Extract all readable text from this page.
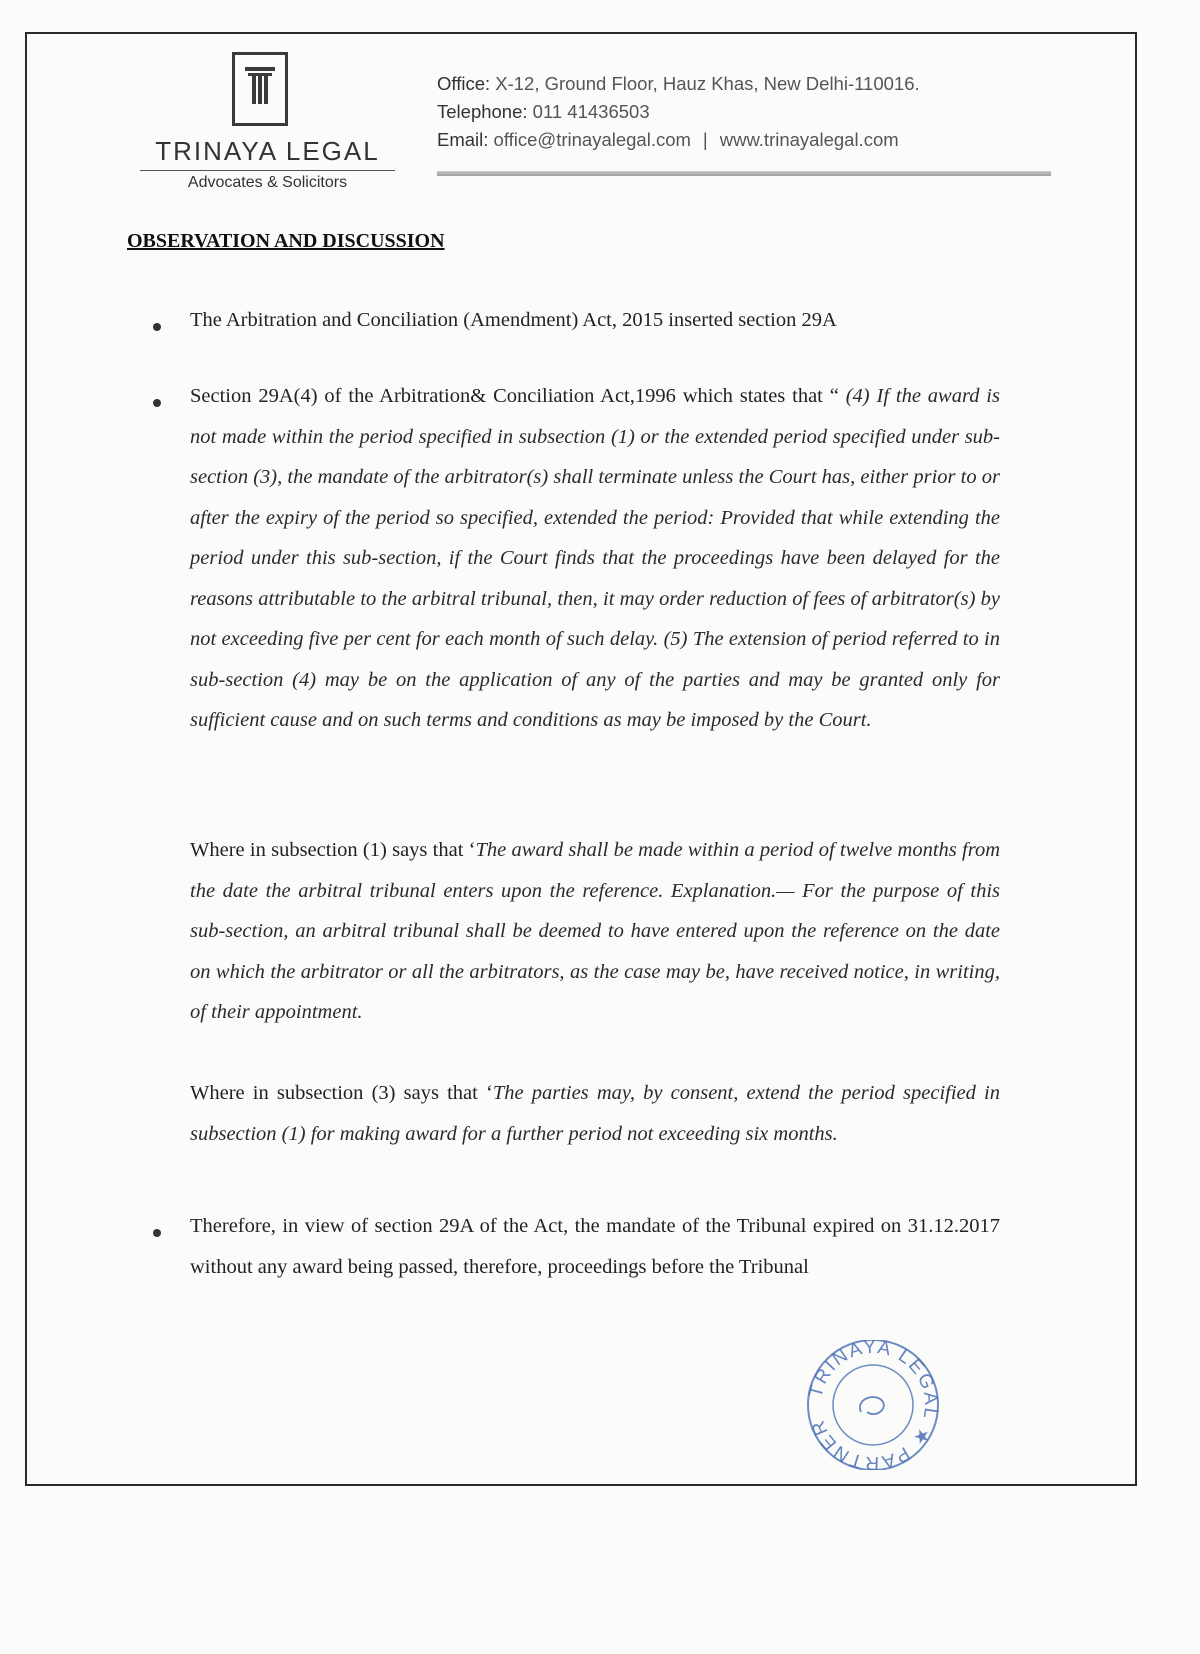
TRINAYA LEGAL
Advocates & Solicitors
Office: X-12, Ground Floor, Hauz Khas, New Delhi-110016.
Telephone: 011 41436503
Email: office@trinayalegal.com | www.trinayalegal.com
OBSERVATION AND DISCUSSION
The Arbitration and Conciliation (Amendment) Act, 2015 inserted section 29A
Section 29A(4) of the Arbitration& Conciliation Act,1996 which states that “ (4) If the award is not made within the period specified in subsection (1) or the extended period specified under sub-section (3), the mandate of the arbitrator(s) shall terminate unless the Court has, either prior to or after the expiry of the period so specified, extended the period: Provided that while extending the period under this sub-section, if the Court finds that the proceedings have been delayed for the reasons attributable to the arbitral tribunal, then, it may order reduction of fees of arbitrator(s) by not exceeding five per cent for each month of such delay. (5) The extension of period referred to in sub-section (4) may be on the application of any of the parties and may be granted only for sufficient cause and on such terms and conditions as may be imposed by the Court.
Where in subsection (1) says that ‘The award shall be made within a period of twelve months from the date the arbitral tribunal enters upon the reference. Explanation.— For the purpose of this sub-section, an arbitral tribunal shall be deemed to have entered upon the reference on the date on which the arbitrator or all the arbitrators, as the case may be, have received notice, in writing, of their appointment.
Where in subsection (3) says that ‘The parties may, by consent, extend the period specified in subsection (1) for making award for a further period not exceeding six months.
Therefore, in view of section 29A of the Act, the mandate of the Tribunal expired on 31.12.2017 without any award being passed, therefore, proceedings before the Tribunal
TRINAYA LEGAL ★ PARTNER
